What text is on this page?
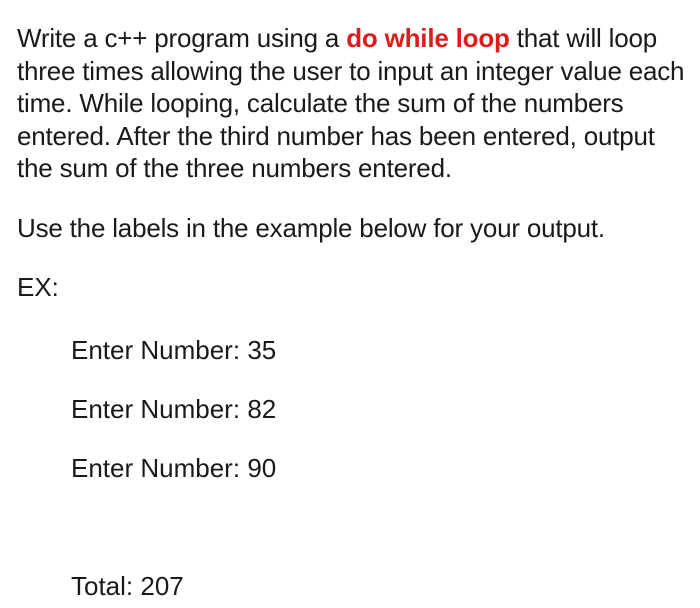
Write a c++ program using a do while loop that will loop three times allowing the user to input an integer value each time. While looping, calculate the sum of the numbers entered. After the third number has been entered, output the sum of the three numbers entered.

Use the labels in the example below for your output.

EX:
Enter Number: 35
Enter Number: 82
Enter Number: 90
Total: 207
